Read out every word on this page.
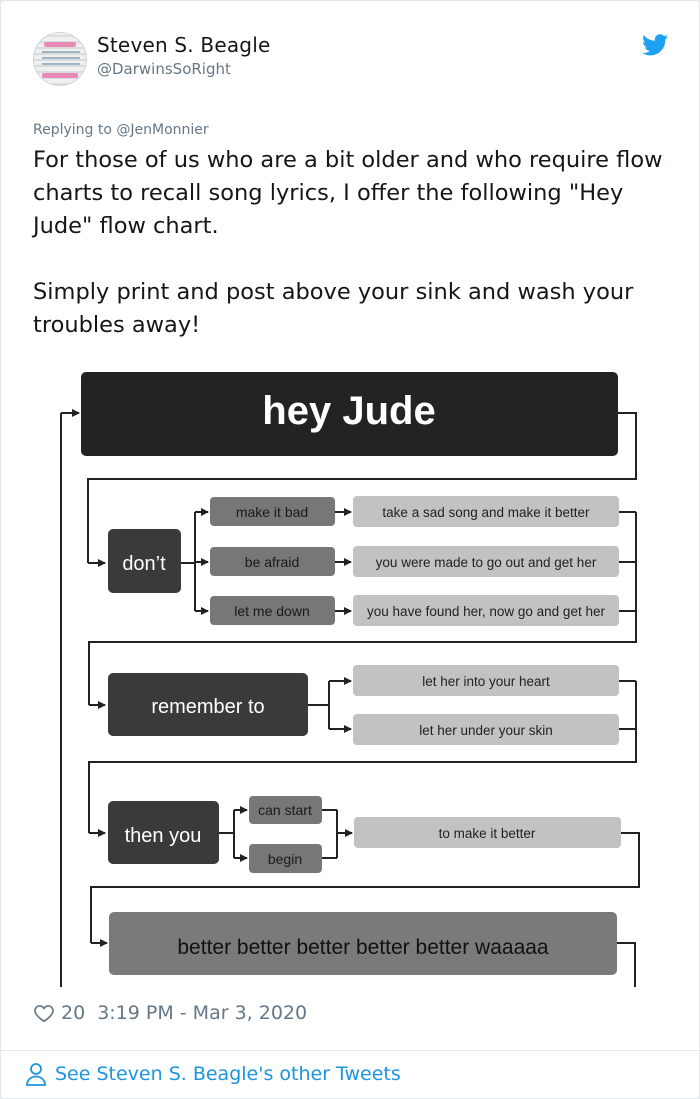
Steven S. Beagle
@DarwinsSoRight
Replying to @JenMonnier

For those of us who are a bit older and who require flow charts to recall song lyrics, I offer the following "Hey Jude" flow chart.

Simply print and post above your sink and wash your troubles away!

hey Jude
don’t
make it bad
be afraid
let me down
take a sad song and make it better
you were made to go out and get her
you have found her, now go and get her
remember to
let her into your heart
let her under your skin
then you
can start
begin
to make it better
better better better better better waaaaa
20 3:19 PM - Mar 3, 2020
See Steven S. Beagle's other Tweets
